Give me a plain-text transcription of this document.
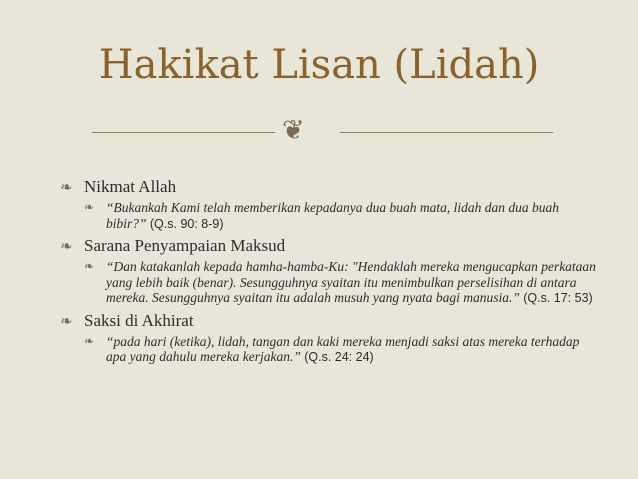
Hakikat Lisan (Lidah)
❦
❧ Nikmat Allah
❧ “Bukankah Kami telah memberikan kepadanya dua buah mata, lidah dan dua buah bibir?” (Q.s. 90: 8-9)
❧ Sarana Penyampaian Maksud
❧ “Dan katakanlah kepada hamha-hamba-Ku: "Hendaklah mereka mengucapkan perkataan yang lebih baik (benar). Sesungguhnya syaitan itu menimbulkan perselisihan di antara mereka. Sesungguhnya syaitan itu adalah musuh yang nyata bagi manusia.” (Q.s. 17: 53)
❧ Saksi di Akhirat
❧ “pada hari (ketika), lidah, tangan dan kaki mereka menjadi saksi atas mereka terhadap apa yang dahulu mereka kerjakan.” (Q.s. 24: 24)
